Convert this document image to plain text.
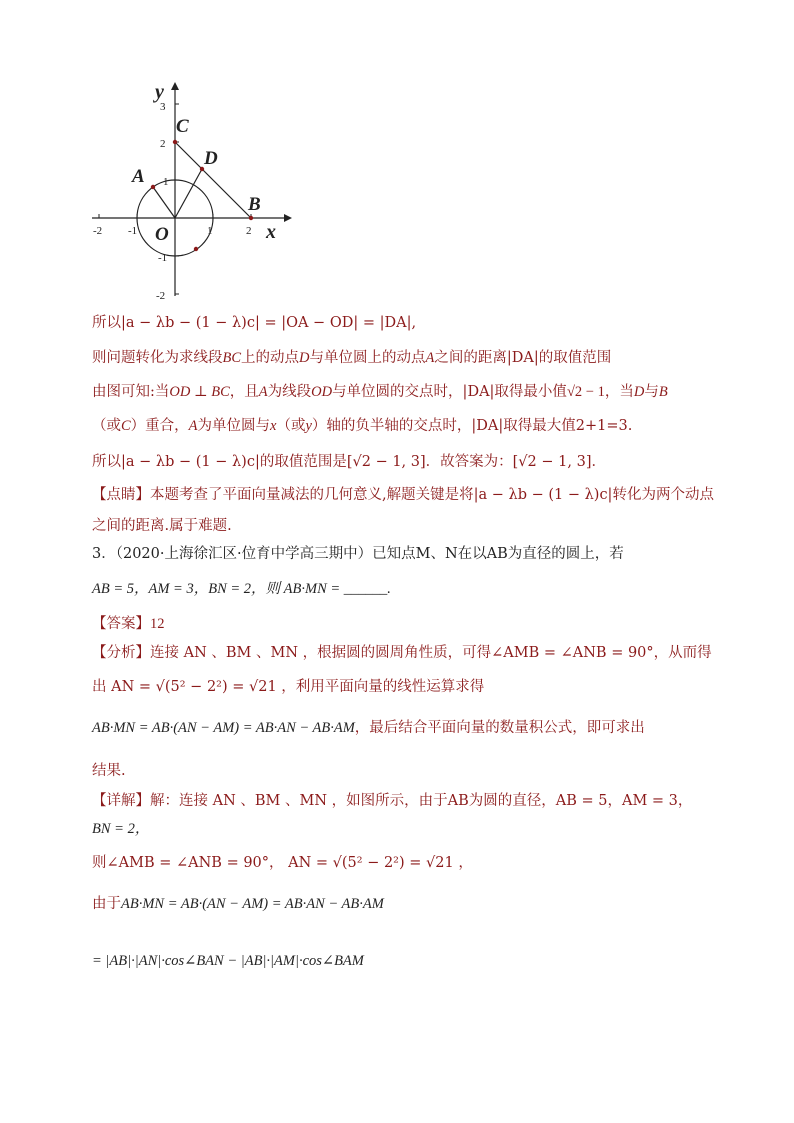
-2 -1	1	2
3
2
1
-1
-2
x
y
C
D
A
B
O
所以|a − λb − (1 − λ)c| = |OA − OD| = |DA|,
则问题转化为求线段BC上的动点D与单位圆上的动点A之间的距离|DA|的取值范围
由图可知:当OD ⊥ BC，且A为线段OD与单位圆的交点时，|DA|取得最小值√2 − 1，当D与B
（或C）重合，A为单位圆与x（或y）轴的负半轴的交点时，|DA|取得最大值2+1=3.
所以|a − λb − (1 − λ)c|的取值范围是[√2 − 1, 3]．故答案为：[√2 − 1, 3]．
【点睛】本题考查了平面向量减法的几何意义,解题关键是将|a − λb − (1 − λ)c|转化为两个动点
之间的距离.属于难题.
3．（2020·上海徐汇区·位育中学高三期中）已知点M、N在以AB为直径的圆上，若
AB = 5，AM = 3，BN = 2，则 AB·MN = ______.
【答案】12
【分析】连接 AN 、BM 、MN ，根据圆的圆周角性质，可得∠AMB = ∠ANB = 90°，从而得
出 AN = √(5² − 2²) = √21 ，利用平面向量的线性运算求得
AB·MN = AB·(AN − AM) = AB·AN − AB·AM，最后结合平面向量的数量积公式，即可求出
结果.
【详解】解：连接 AN 、BM 、MN ，如图所示，由于AB为圆的直径，AB = 5，AM = 3，
BN = 2，
则∠AMB = ∠ANB = 90°， AN = √(5² − 2²) = √21 ，
由于AB·MN = AB·(AN − AM) = AB·AN − AB·AM
= |AB|·|AN|·cos∠BAN − |AB|·|AM|·cos∠BAM
